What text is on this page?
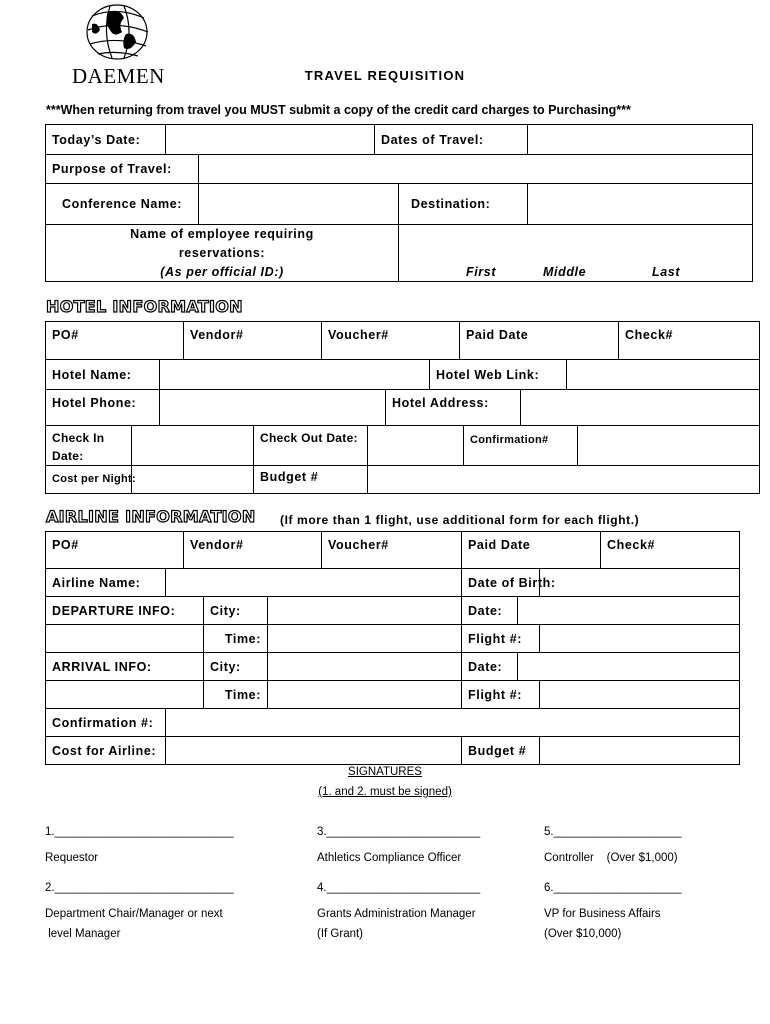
DAEMEN	TRAVEL REQUISITION
***When returning from travel you MUST submit a copy of the credit card charges to Purchasing***
Today’s Date:			Dates of Travel:		
Purpose of Travel:					
Conference Name:				Destination:	
Name of employee requiring reservations:					
(As per official ID:)				First Middle Last	
HOTEL INFORMATION
PO#	Vendor#	Voucher#	Paid Date	Check#
Hotel Name:			Hotel Web Link:		
Hotel Phone:		Hotel Address:			
Check In Date:		Check Out Date:		Confirmation#	
Cost per Night:		Budget #			
AIRLINE INFORMATION (If more than 1 flight, use additional form for each flight.)
PO#	Vendor#	Voucher#	Paid Date	Check#
Airline Name:				Date of Birth:		
DEPARTURE INFO:		City:		Date:		
		Time:		Flight #:		
ARRIVAL INFO:		City:		Date:		
		Time:		Flight #:		
Confirmation #:						
Cost for Airline:				Budget #		
SIGNATURES
(1. and 2. must be signed)
1.____________________________
Requestor
2.____________________________
Department Chair/Manager or next
level Manager
3.________________________
Athletics Compliance Officer
4.________________________
Grants Administration Manager
(If Grant)
5.____________________
Controller    (Over $1,000)
6.____________________
VP for Business Affairs
(Over $10,000)
